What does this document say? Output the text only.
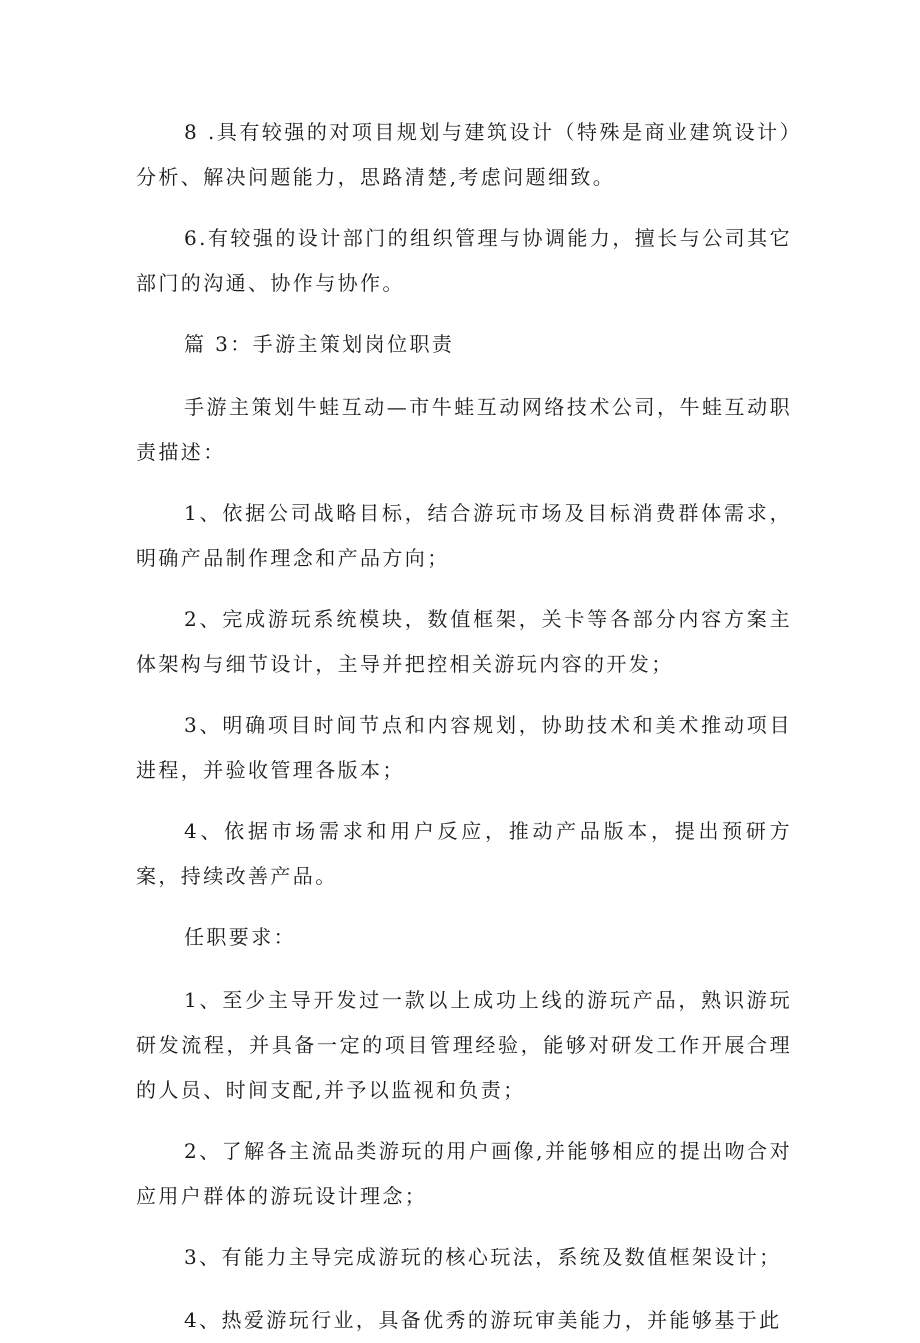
8 .具有较强的对项目规划与建筑设计（特殊是商业建筑设计）分析、解决问题能力，思路清楚,考虑问题细致。

6.有较强的设计部门的组织管理与协调能力，擅长与公司其它部门的沟通、协作与协作。

篇 3：手游主策划岗位职责

手游主策划牛蛙互动—市牛蛙互动网络技术公司，牛蛙互动职责描述：

1、依据公司战略目标，结合游玩市场及目标消费群体需求，明确产品制作理念和产品方向；

2、完成游玩系统模块，数值框架，关卡等各部分内容方案主体架构与细节设计，主导并把控相关游玩内容的开发；

3、明确项目时间节点和内容规划，协助技术和美术推动项目进程，并验收管理各版本；

4、依据市场需求和用户反应，推动产品版本，提出预研方案，持续改善产品。

任职要求：

1、至少主导开发过一款以上成功上线的游玩产品，熟识游玩研发流程，并具备一定的项目管理经验，能够对研发工作开展合理的人员、时间支配,并予以监视和负责；

2、了解各主流品类游玩的用户画像,并能够相应的提出吻合对应用户群体的游玩设计理念；

3、有能力主导完成游玩的核心玩法，系统及数值框架设计；

4、热爱游玩行业，具备优秀的游玩审美能力，并能够基于此
